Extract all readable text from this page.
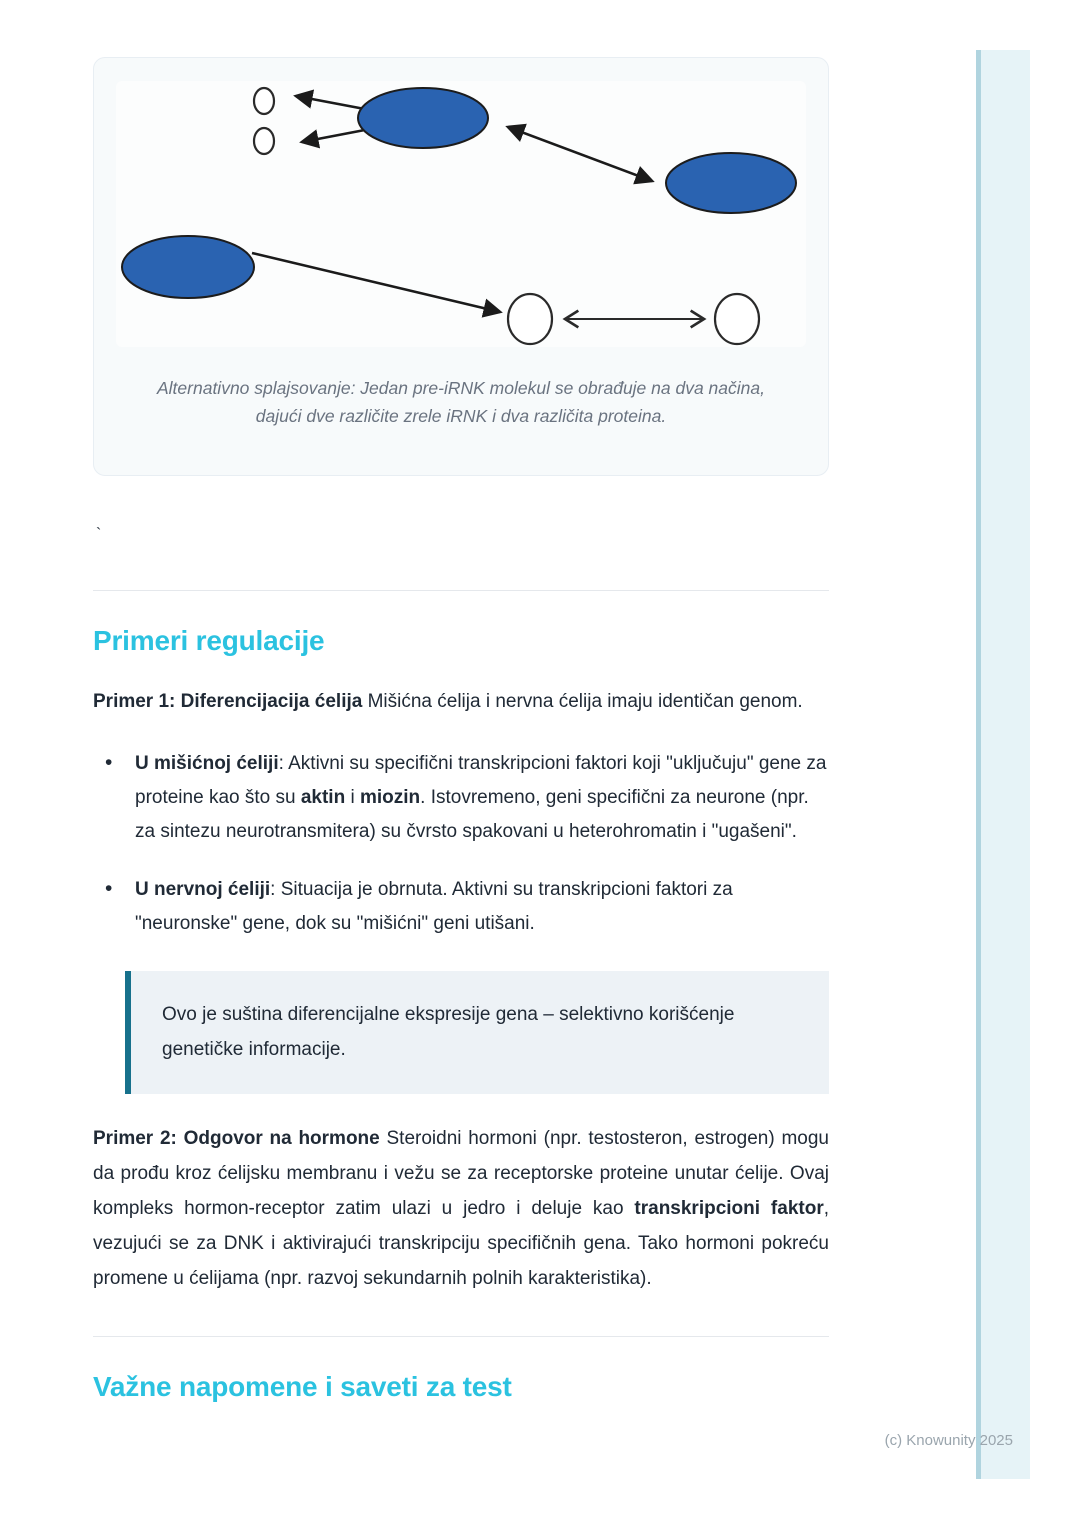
Alternativno splajsovanje: Jedan pre-iRNK molekul se obrađuje na dva načina, dajući dve različite zrele iRNK i dva različita proteina.

`

Primeri regulacije

Primer 1: Diferencijacija ćelija Mišićna ćelija i nervna ćelija imaju identičan genom.

• U mišićnoj ćeliji: Aktivni su specifični transkripcioni faktori koji "uključuju" gene za proteine kao što su aktin i miozin. Istovremeno, geni specifični za neurone (npr. za sintezu neurotransmitera) su čvrsto spakovani u heterohromatin i "ugašeni".
• U nervnoj ćeliji: Situacija je obrnuta. Aktivni su transkripcioni faktori za "neuronske" gene, dok su "mišićni" geni utišani.

Ovo je suština diferencijalne ekspresije gena – selektivno korišćenje genetičke informacije.

Primer 2: Odgovor na hormone Steroidni hormoni (npr. testosteron, estrogen) mogu da prođu kroz ćelijsku membranu i vežu se za receptorske proteine unutar ćelije. Ovaj kompleks hormon-receptor zatim ulazi u jedro i deluje kao transkripcioni faktor, vezujući se za DNK i aktivirajući transkripciju specifičnih gena. Tako hormoni pokreću promene u ćelijama (npr. razvoj sekundarnih polnih karakteristika).

Važne napomene i saveti za test
(c) Knowunity 2025
